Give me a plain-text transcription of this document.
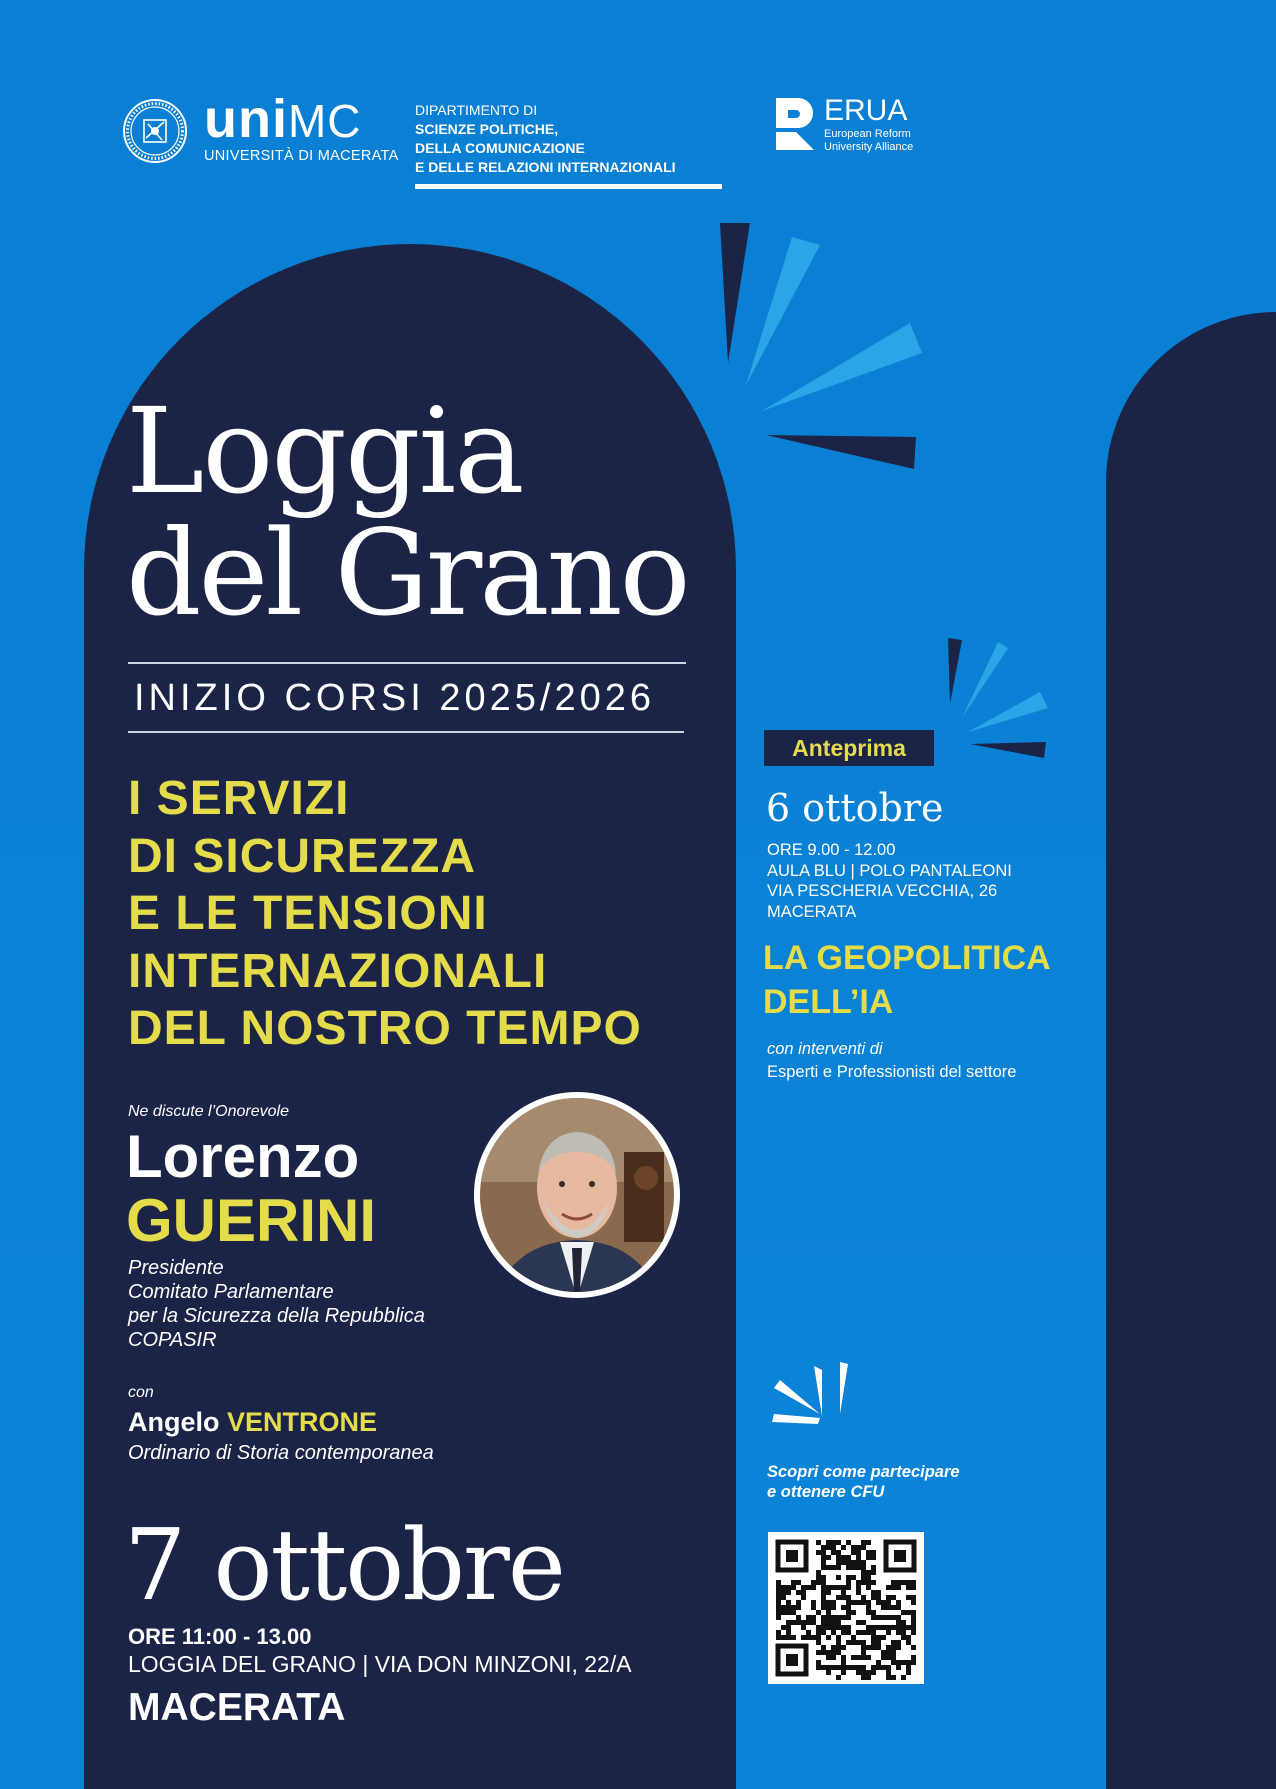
uniMC
UNIVERSITÀ DI MACERATA
DIPARTIMENTO DI
SCIENZE POLITICHE,
DELLA COMUNICAZIONE
E DELLE RELAZIONI INTERNAZIONALI
ERUA
European Reform
University Alliance
Loggia
del Grano
INIZIO CORSI 2025/2026
I SERVIZI
DI SICUREZZA
E LE TENSIONI
INTERNAZIONALI
DEL NOSTRO TEMPO
Ne discute l’Onorevole
Lorenzo
GUERINI
Presidente
Comitato Parlamentare
per la Sicurezza della Repubblica
COPASIR
con
Angelo VENTRONE
Ordinario di Storia contemporanea
7 ottobre
ORE 11:00 - 13.00
LOGGIA DEL GRANO | VIA DON MINZONI, 22/A
MACERATA
Anteprima
6 ottobre
ORE 9.00 - 12.00
AULA BLU | POLO PANTALEONI
VIA PESCHERIA VECCHIA, 26
MACERATA
LA GEOPOLITICA
DELL’IA
con interventi di
Esperti e Professionisti del settore
Scopri come partecipare
e ottenere CFU
